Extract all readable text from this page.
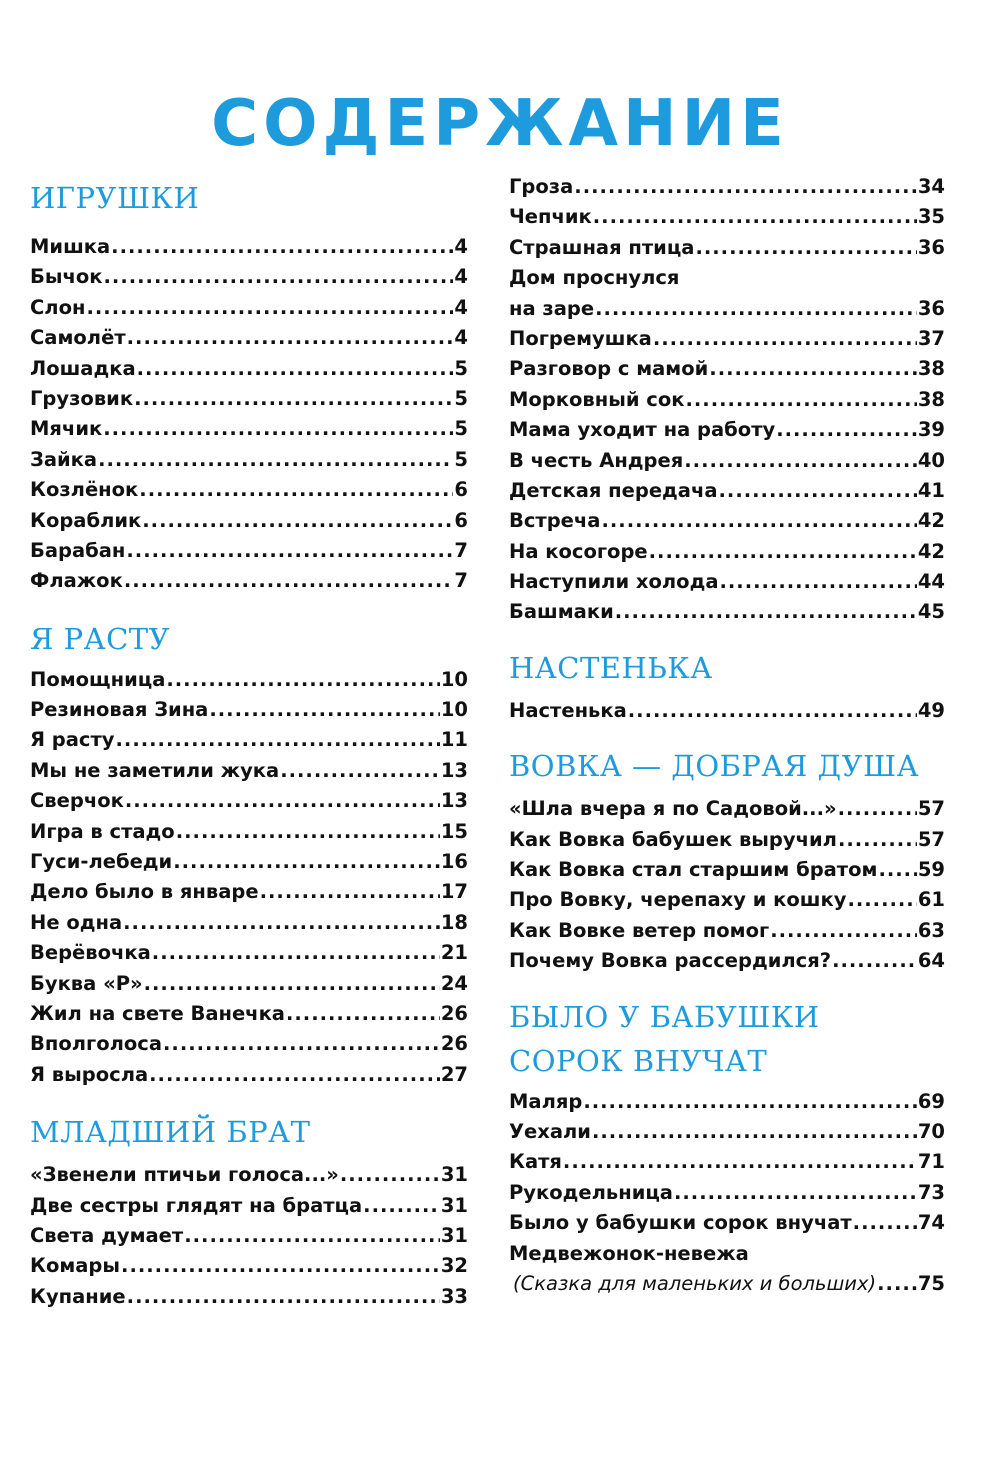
СОДЕРЖАНИЕ
ИГРУШКИ
Мишка .....	4
Бычок .....	4
Слон .....	4
Самолёт .....	4
Лошадка .....	5
Грузовик .....	5
Мячик .....	5
Зайка .....	5
Козлёнок .....	6
Кораблик .....	6
Барабан .....	7
Флажок .....	7
Я РАСТУ
Помощница .....	10
Резиновая Зина .....	10
Я расту .....	11
Мы не заметили жука .....	13
Сверчок .....	13
Игра в стадо .....	15
Гуси-лебеди .....	16
Дело было в январе .....	17
Не одна .....	18
Верёвочка .....	21
Буква «Р» .....	24
Жил на свете Ванечка .....	26
Вполголоса .....	26
Я выросла .....	27
МЛАДШИЙ БРАТ
«Звенели птичьи голоса...» .....	31
Две сестры глядят на братца .....	31
Света думает .....	31
Комары .....	32
Купание .....	33
Гроза .....	34
Чепчик .....	35
Страшная птица .....	36
Дом проснулся
на заре .....	36
Погремушка .....	37
Разговор с мамой .....	38
Морковный сок .....	38
Мама уходит на работу .....	39
В честь Андрея .....	40
Детская передача .....	41
Встреча .....	42
На косогоре .....	42
Наступили холода .....	44
Башмаки .....	45
НАСТЕНЬКА
Настенька .....	49
ВОВКА — ДОБРАЯ ДУША
«Шла вчера я по Садовой...» .....	57
Как Вовка бабушек выручил .....	57
Как Вовка стал старшим братом ..... 59
Про Вовку, черепаху и кошку .....	61
Как Вовке ветер помог .....	63
Почему Вовка рассердился? .....	64
БЫЛО У БАБУШКИ
СОРОК ВНУЧАТ
Маляр .....	69
Уехали .....	70
Катя .....	71
Рукодельница .....	73
Было у бабушки сорок внучат .....	74
Медвежонок-невежа
(Сказка для маленьких и больших) ..... 75
